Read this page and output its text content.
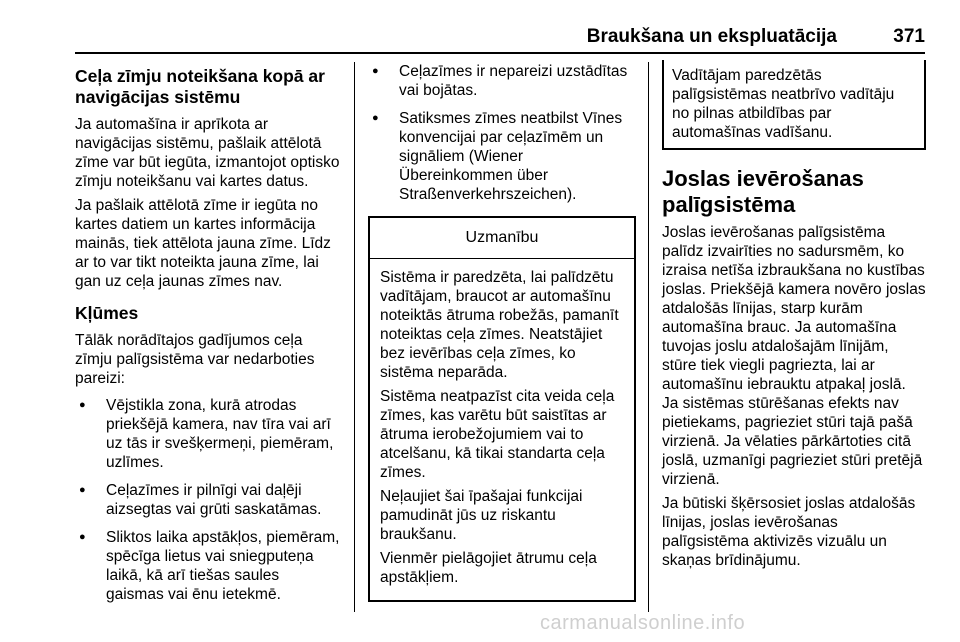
Braukšana un ekspluatācija	371
Ceļa zīmju noteikšana kopā ar navigācijas sistēmu

Ja automašīna ir aprīkota ar navigācijas sistēmu, pašlaik attēlotā zīme var būt iegūta, izmantojot optisko zīmju noteikšanu vai kartes datus.

Ja pašlaik attēlotā zīme ir iegūta no kartes datiem un kartes informācija mainās, tiek attēlota jauna zīme. Līdz ar to var tikt noteikta jauna zīme, lai gan uz ceļa jaunas zīmes nav.

Kļūmes

Tālāk norādītajos gadījumos ceļa zīmju palīgsistēma var nedarboties pareizi:

● Vējstikla zona, kurā atrodas priekšējā kamera, nav tīra vai arī uz tās ir svešķermeņi, piemēram, uzlīmes.
● Ceļazīmes ir pilnīgi vai daļēji aizsegtas vai grūti saskatāmas.
● Sliktos laika apstākļos, piemēram, spēcīga lietus vai sniegputeņa laikā, kā arī tiešas saules gaismas vai ēnu ietekmē.
● Ceļazīmes ir nepareizi uzstādītas vai bojātas.
● Satiksmes zīmes neatbilst Vīnes konvencijai par ceļazīmēm un signāliem (Wiener Übereinkommen über Straßenverkehrszeichen).
Uzmanību

Sistēma ir paredzēta, lai palīdzētu vadītājam, braucot ar automašīnu noteiktās ātruma robežās, pamanīt noteiktas ceļa zīmes. Neatstājiet bez ievērības ceļa zīmes, ko sistēma neparāda.

Sistēma neatpazīst cita veida ceļa zīmes, kas varētu būt saistītas ar ātruma ierobežojumiem vai to atcelšanu, kā tikai standarta ceļa zīmes.

Neļaujiet šai īpašajai funkcijai pamudināt jūs uz riskantu braukšanu.

Vienmēr pielāgojiet ātrumu ceļa apstākļiem.

Vadītājam paredzētās palīgsistēmas neatbrīvo vadītāju no pilnas atbildības par automašīnas vadīšanu.
Joslas ievērošanas palīgsistēma

Joslas ievērošanas palīgsistēma palīdz izvairīties no sadursmēm, ko izraisa netīša izbraukšana no kustības joslas. Priekšējā kamera novēro joslas atdalošās līnijas, starp kurām automašīna brauc. Ja automašīna tuvojas joslu atdalošajām līnijām, stūre tiek viegli pagriezta, lai ar automašīnu iebrauktu atpakaļ joslā. Ja sistēmas stūrēšanas efekts nav pietiekams, pagrieziet stūri tajā pašā virzienā. Ja vēlaties pārkārtoties citā joslā, uzmanīgi pagrieziet stūri pretējā virzienā.

Ja būtiski šķērsosiet joslas atdalošās līnijas, joslas ievērošanas palīgsistēma aktivizēs vizuālu un skaņas brīdinājumu.

carmanualsonline.info
